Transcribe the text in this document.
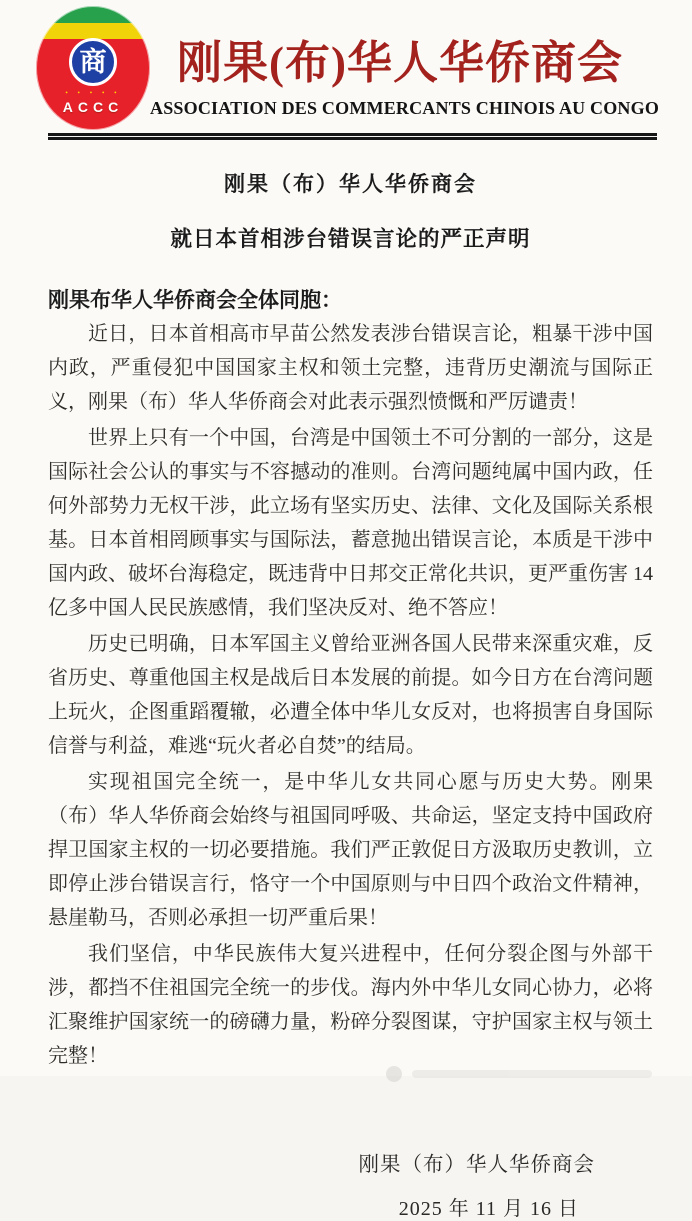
商
• • • • •
ACCC
刚果(布)华人华侨商会
ASSOCIATION DES COMMERCANTS CHINOIS AU CONGO
刚果（布）华人华侨商会
就日本首相涉台错误言论的严正声明

刚果布华人华侨商会全体同胞：

近日，日本首相高市早苗公然发表涉台错误言论，粗暴干涉中国内政，严重侵犯中国国家主权和领土完整，违背历史潮流与国际正义，刚果（布）华人华侨商会对此表示强烈愤慨和严厉谴责！

世界上只有一个中国，台湾是中国领土不可分割的一部分，这是国际社会公认的事实与不容撼动的准则。台湾问题纯属中国内政，任何外部势力无权干涉，此立场有坚实历史、法律、文化及国际关系根基。日本首相罔顾事实与国际法，蓄意抛出错误言论，本质是干涉中国内政、破坏台海稳定，既违背中日邦交正常化共识，更严重伤害 14 亿多中国人民民族感情，我们坚决反对、绝不答应！

历史已明确，日本军国主义曾给亚洲各国人民带来深重灾难，反省历史、尊重他国主权是战后日本发展的前提。如今日方在台湾问题上玩火，企图重蹈覆辙，必遭全体中华儿女反对，也将损害自身国际信誉与利益，难逃“玩火者必自焚”的结局。

实现祖国完全统一，是中华儿女共同心愿与历史大势。刚果（布）华人华侨商会始终与祖国同呼吸、共命运，坚定支持中国政府捍卫国家主权的一切必要措施。我们严正敦促日方汲取历史教训，立即停止涉台错误言行，恪守一个中国原则与中日四个政治文件精神，悬崖勒马，否则必承担一切严重后果！

我们坚信，中华民族伟大复兴进程中，任何分裂企图与外部干涉，都挡不住祖国完全统一的步伐。海内外中华儿女同心协力，必将汇聚维护国家统一的磅礴力量，粉碎分裂图谋，守护国家主权与领土完整！

刚果（布）华人华侨商会
2025 年 11 月 16 日
